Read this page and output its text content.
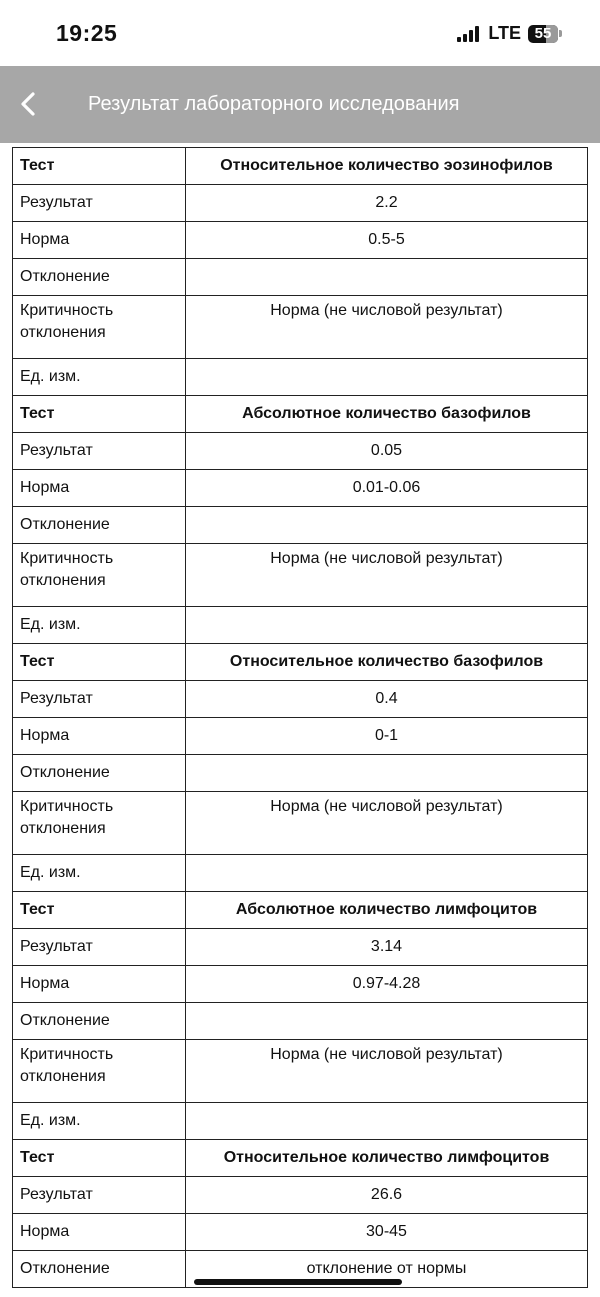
19:25	LTE 55
Результат лабораторного исследования
Тест	Относительное количество эозинофилов
Результат	2.2
Норма	0.5-5
Отклонение	
Критичность отклонения	Норма (не числовой результат)
Ед. изм.	
Тест	Абсолютное количество базофилов
Результат	0.05
Норма	0.01-0.06
Отклонение	
Критичность отклонения	Норма (не числовой результат)
Ед. изм.	
Тест	Относительное количество базофилов
Результат	0.4
Норма	0-1
Отклонение	
Критичность отклонения	Норма (не числовой результат)
Ед. изм.	
Тест	Абсолютное количество лимфоцитов
Результат	3.14
Норма	0.97-4.28
Отклонение	
Критичность отклонения	Норма (не числовой результат)
Ед. изм.	
Тест	Относительное количество лимфоцитов
Результат	26.6
Норма	30-45
Отклонение	отклонение от нормы
